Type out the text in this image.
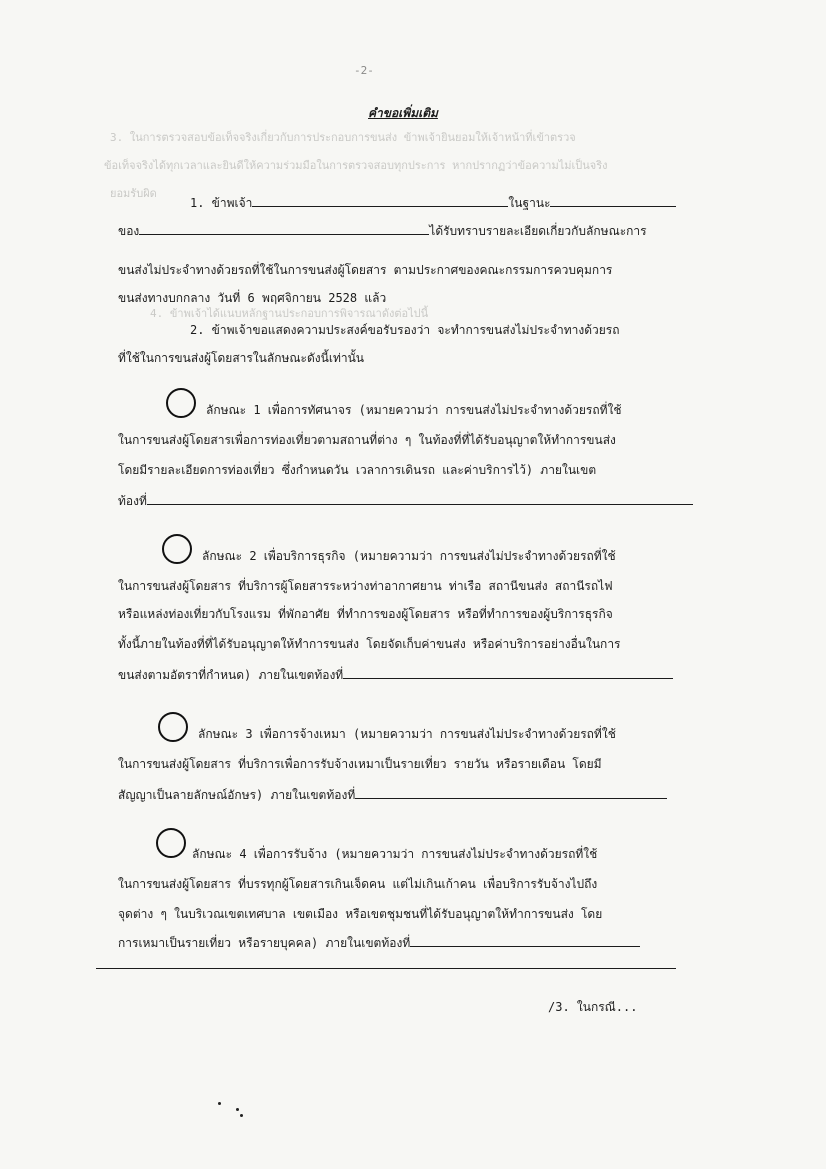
3. ในการตรวจสอบข้อเท็จจริงเกี่ยวกับการประกอบการขนส่ง ข้าพเจ้ายินยอมให้เจ้าหน้าที่เข้าตรวจ
ข้อเท็จจริงได้ทุกเวลาและยินดีให้ความร่วมมือในการตรวจสอบทุกประการ หากปรากฏว่าข้อความไม่เป็นจริง
ยอมรับผิด
4. ข้าพเจ้าได้แนบหลักฐานประกอบการพิจารณาดังต่อไปนี้
-2-
คำขอเพิ่มเติม
1. ข้าพเจ้า	ในฐานะ
ของ	ได้รับทราบรายละเอียดเกี่ยวกับลักษณะการ
ขนส่งไม่ประจำทางด้วยรถที่ใช้ในการขนส่งผู้โดยสาร ตามประกาศของคณะกรรมการควบคุมการ
ขนส่งทางบกกลาง วันที่ 6 พฤศจิกายน 2528 แล้ว
2. ข้าพเจ้าขอแสดงความประสงค์ขอรับรองว่า จะทำการขนส่งไม่ประจำทางด้วยรถ
ที่ใช้ในการขนส่งผู้โดยสารในลักษณะดังนี้เท่านั้น
ลักษณะ 1 เพื่อการทัศนาจร (หมายความว่า การขนส่งไม่ประจำทางด้วยรถที่ใช้
ในการขนส่งผู้โดยสารเพื่อการท่องเที่ยวตามสถานที่ต่าง ๆ ในท้องที่ที่ได้รับอนุญาตให้ทำการขนส่ง
โดยมีรายละเอียดการท่องเที่ยว ซึ่งกำหนดวัน เวลาการเดินรถ และค่าบริการไว้) ภายในเขต
ท้องที่
ลักษณะ 2 เพื่อบริการธุรกิจ (หมายความว่า การขนส่งไม่ประจำทางด้วยรถที่ใช้
ในการขนส่งผู้โดยสาร ที่บริการผู้โดยสารระหว่างท่าอากาศยาน ท่าเรือ สถานีขนส่ง สถานีรถไฟ
หรือแหล่งท่องเที่ยวกับโรงแรม ที่พักอาศัย ที่ทำการของผู้โดยสาร หรือที่ทำการของผู้บริการธุรกิจ
ทั้งนี้ภายในท้องที่ที่ได้รับอนุญาตให้ทำการขนส่ง โดยจัดเก็บค่าขนส่ง หรือค่าบริการอย่างอื่นในการ
ขนส่งตามอัตราที่กำหนด) ภายในเขตท้องที่
ลักษณะ 3 เพื่อการจ้างเหมา (หมายความว่า การขนส่งไม่ประจำทางด้วยรถที่ใช้
ในการขนส่งผู้โดยสาร ที่บริการเพื่อการรับจ้างเหมาเป็นรายเที่ยว รายวัน หรือรายเดือน โดยมี
สัญญาเป็นลายลักษณ์อักษร) ภายในเขตท้องที่
ลักษณะ 4 เพื่อการรับจ้าง (หมายความว่า การขนส่งไม่ประจำทางด้วยรถที่ใช้
ในการขนส่งผู้โดยสาร ที่บรรทุกผู้โดยสารเกินเจ็ดคน แต่ไม่เกินเก้าคน เพื่อบริการรับจ้างไปถึง
จุดต่าง ๆ ในบริเวณเขตเทศบาล เขตเมือง หรือเขตชุมชนที่ได้รับอนุญาตให้ทำการขนส่ง โดย
การเหมาเป็นรายเที่ยว หรือรายบุคคล) ภายในเขตท้องที่
/3. ในกรณี...
